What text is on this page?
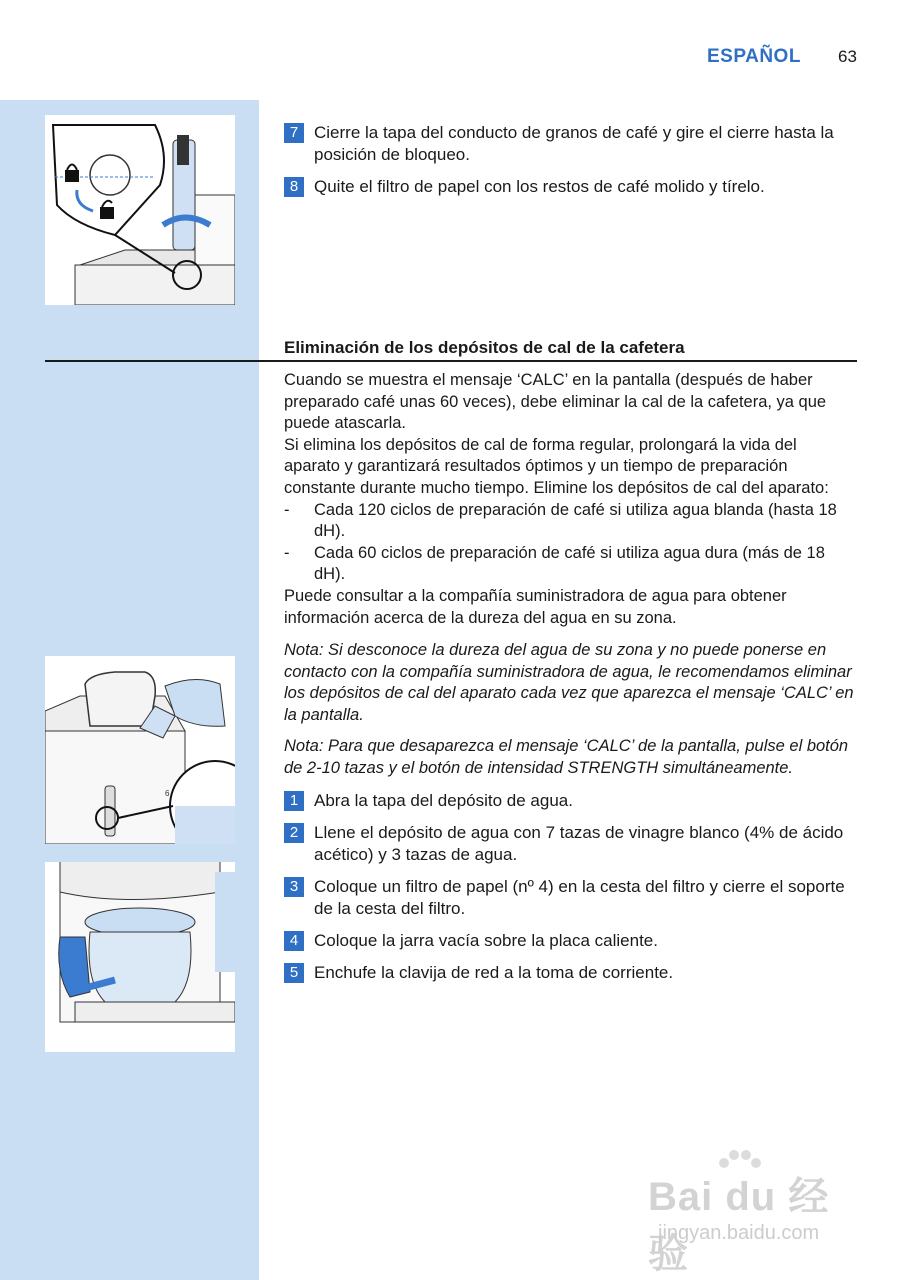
ESPAÑOL 63
7 Cierre la tapa del conducto de granos de café y gire el cierre hasta la posición de bloqueo.
8 Quite el filtro de papel con los restos de café molido y tírelo.
Eliminación de los depósitos de cal de la cafetera

Cuando se muestra el mensaje ‘CALC’ en la pantalla (después de haber preparado café unas 60 veces), debe eliminar la cal de la cafetera, ya que puede atascarla.

Si elimina los depósitos de cal de forma regular, prolongará la vida del aparato y garantizará resultados óptimos y un tiempo de preparación constante durante mucho tiempo. Elimine los depósitos de cal del aparato:

-	Cada 120 ciclos de preparación de café si utiliza agua blanda (hasta 18 dH).
-	Cada 60 ciclos de preparación de café si utiliza agua dura (más de 18 dH).

Puede consultar a la compañía suministradora de agua para obtener información acerca de la dureza del agua en su zona.

Nota: Si desconoce la dureza del agua de su zona y no puede ponerse en contacto con la compañía suministradora de agua, le recomendamos eliminar los depósitos de cal del aparato cada vez que aparezca el mensaje ‘CALC’ en la pantalla.
Nota: Para que desaparezca el mensaje ‘CALC’ de la pantalla, pulse el botón de 2-10 tazas y el botón de intensidad STRENGTH simultáneamente.
6	1 Abra la tapa del depósito de agua.
2 Llene el depósito de agua con 7 tazas de vinagre blanco (4% de ácido acético) y 3 tazas de agua.
3 Coloque un filtro de papel (nº 4) en la cesta del filtro y cierre el soporte de la cesta del filtro.
4 Coloque la jarra vacía sobre la placa caliente.
5 Enchufe la clavija de red a la toma de corriente.
Bai du 经验
jingyan.baidu.com
